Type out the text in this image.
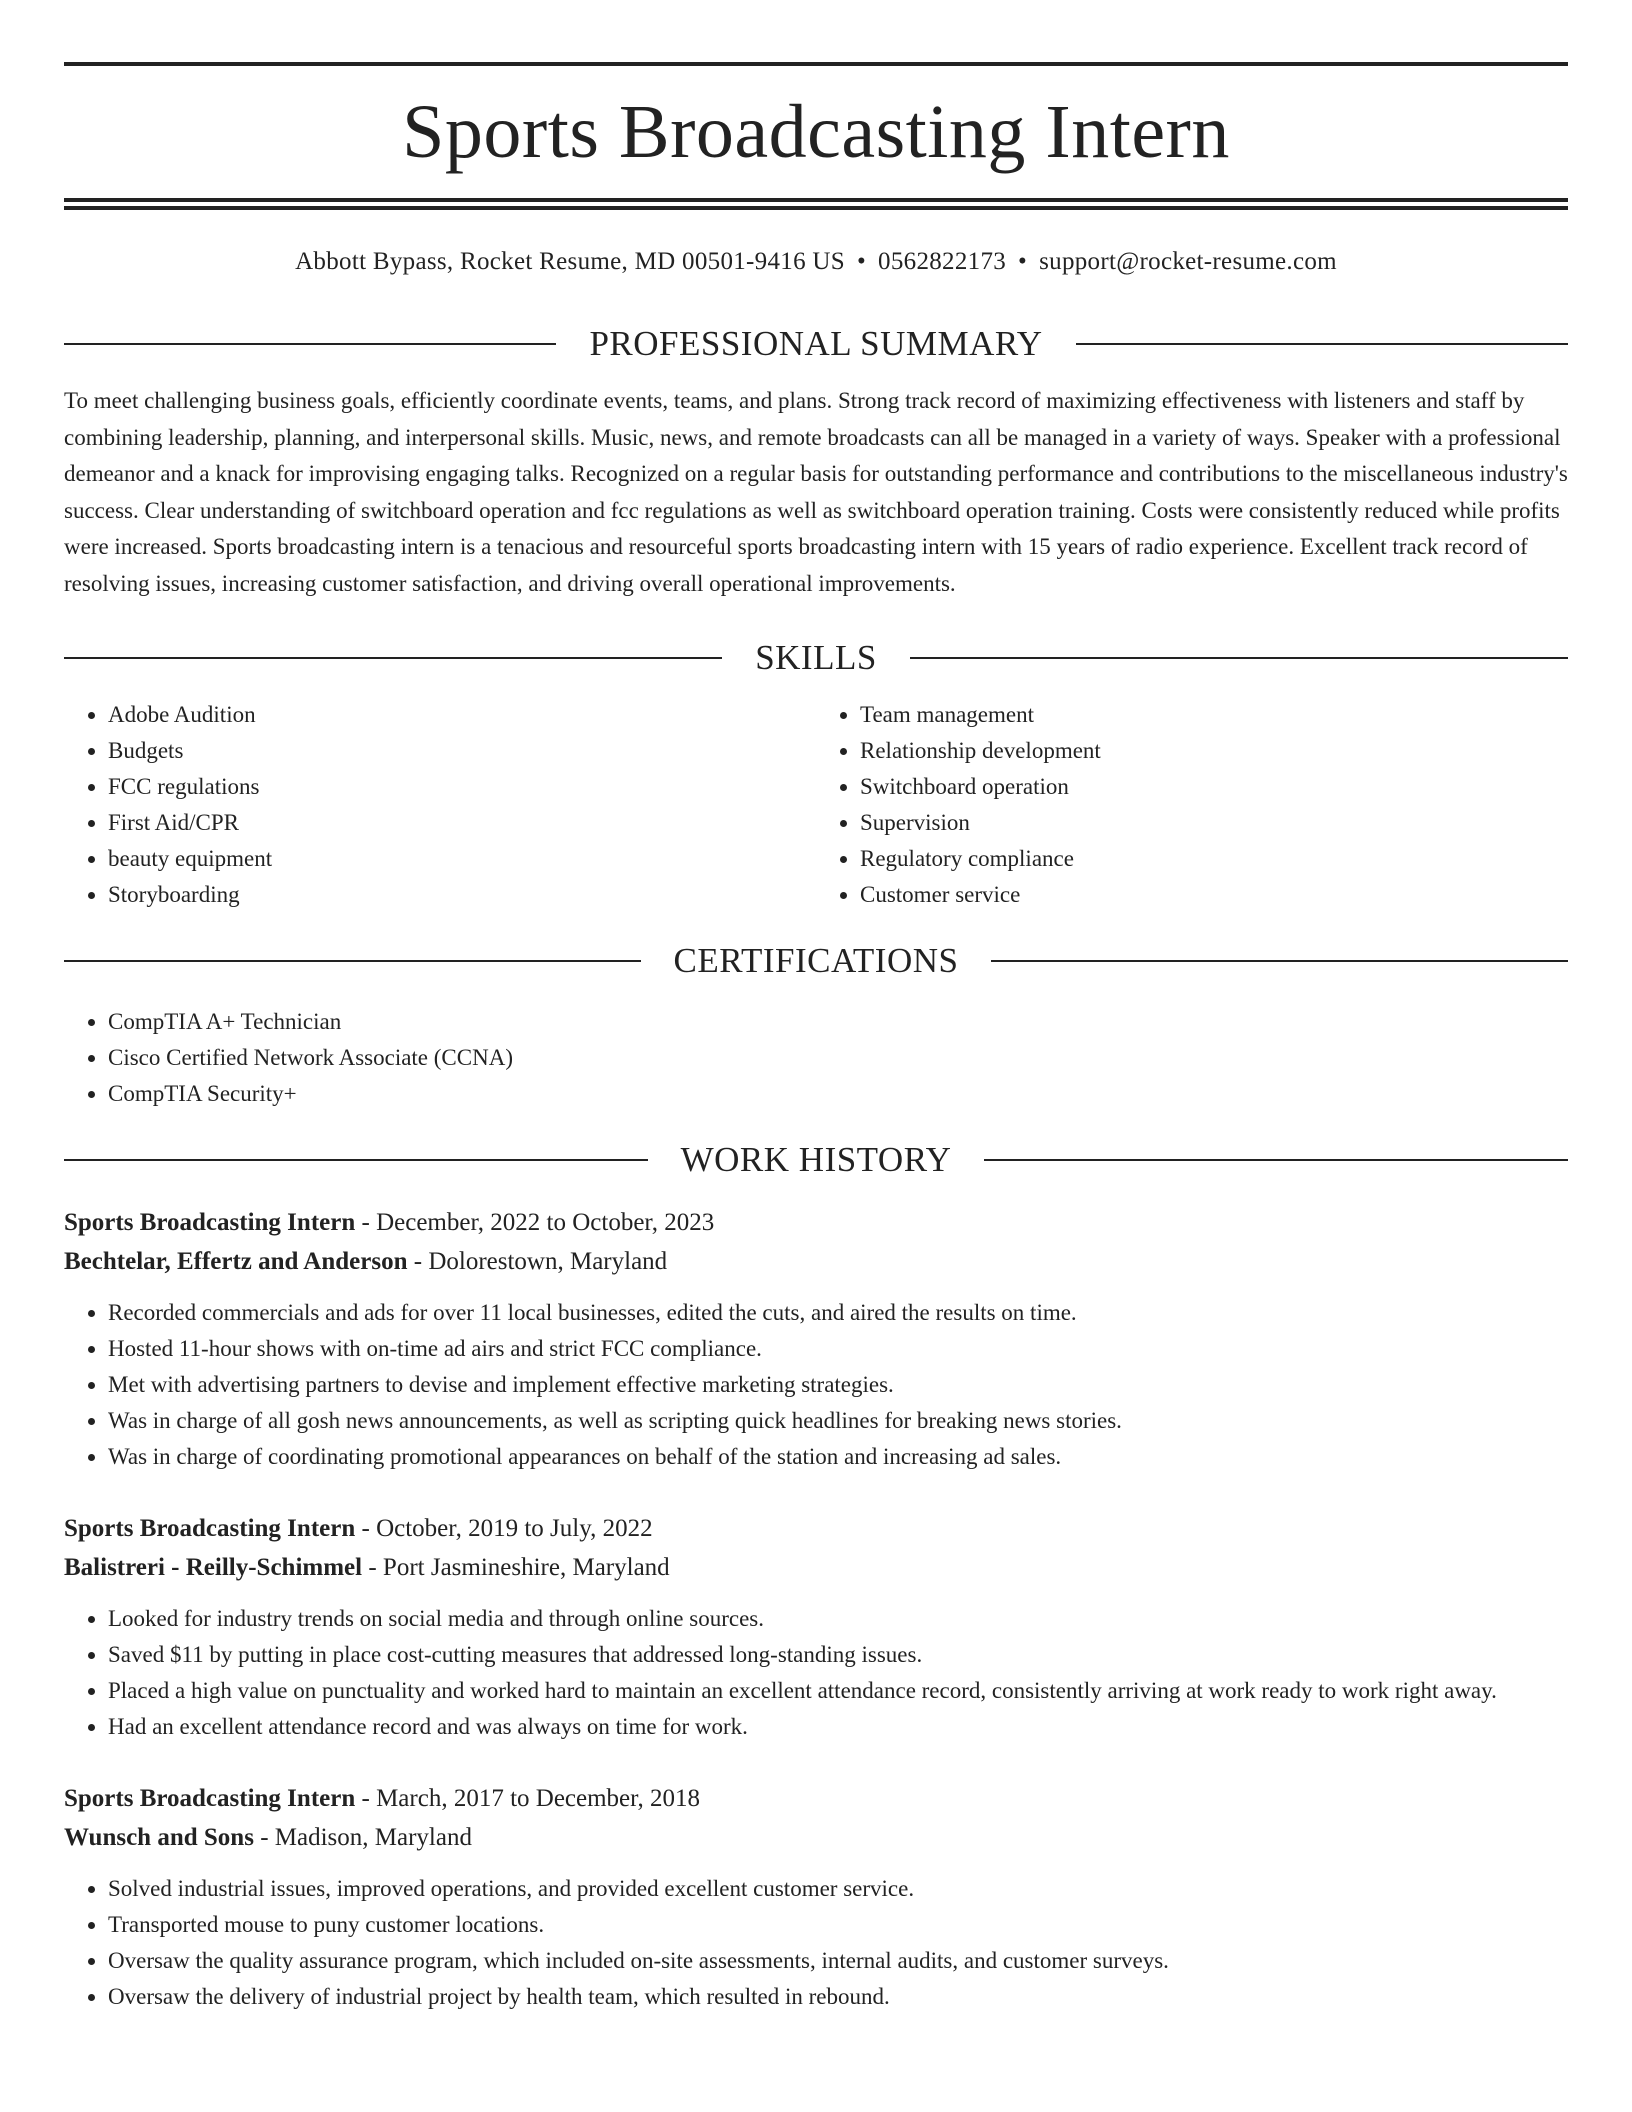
Sports Broadcasting Intern
Abbott Bypass, Rocket Resume, MD 00501-9416 US • 0562822173 • support@rocket-resume.com
PROFESSIONAL SUMMARY

To meet challenging business goals, efficiently coordinate events, teams, and plans. Strong track record of maximizing effectiveness with listeners and staff by combining leadership, planning, and interpersonal skills. Music, news, and remote broadcasts can all be managed in a variety of ways. Speaker with a professional demeanor and a knack for improvising engaging talks. Recognized on a regular basis for outstanding performance and contributions to the miscellaneous industry's success. Clear understanding of switchboard operation and fcc regulations as well as switchboard operation training. Costs were consistently reduced while profits were increased. Sports broadcasting intern is a tenacious and resourceful sports broadcasting intern with 15 years of radio experience. Excellent track record of resolving issues, increasing customer satisfaction, and driving overall operational improvements.

SKILLS
• Adobe Audition
• Budgets
• FCC regulations
• First Aid/CPR
• beauty equipment
• Storyboarding
• Team management
• Relationship development
• Switchboard operation
• Supervision
• Regulatory compliance
• Customer service
CERTIFICATIONS
• CompTIA A+ Technician
• Cisco Certified Network Associate (CCNA)
• CompTIA Security+
WORK HISTORY
Sports Broadcasting Intern - December, 2022 to October, 2023
Bechtelar, Effertz and Anderson - Dolorestown, Maryland
• Recorded commercials and ads for over 11 local businesses, edited the cuts, and aired the results on time.
• Hosted 11-hour shows with on-time ad airs and strict FCC compliance.
• Met with advertising partners to devise and implement effective marketing strategies.
• Was in charge of all gosh news announcements, as well as scripting quick headlines for breaking news stories.
• Was in charge of coordinating promotional appearances on behalf of the station and increasing ad sales.
Sports Broadcasting Intern - October, 2019 to July, 2022
Balistreri - Reilly-Schimmel - Port Jasmineshire, Maryland
• Looked for industry trends on social media and through online sources.
• Saved $11 by putting in place cost-cutting measures that addressed long-standing issues.
• Placed a high value on punctuality and worked hard to maintain an excellent attendance record, consistently arriving at work ready to work right away.
• Had an excellent attendance record and was always on time for work.
Sports Broadcasting Intern - March, 2017 to December, 2018
Wunsch and Sons - Madison, Maryland
• Solved industrial issues, improved operations, and provided excellent customer service.
• Transported mouse to puny customer locations.
• Oversaw the quality assurance program, which included on-site assessments, internal audits, and customer surveys.
• Oversaw the delivery of industrial project by health team, which resulted in rebound.
